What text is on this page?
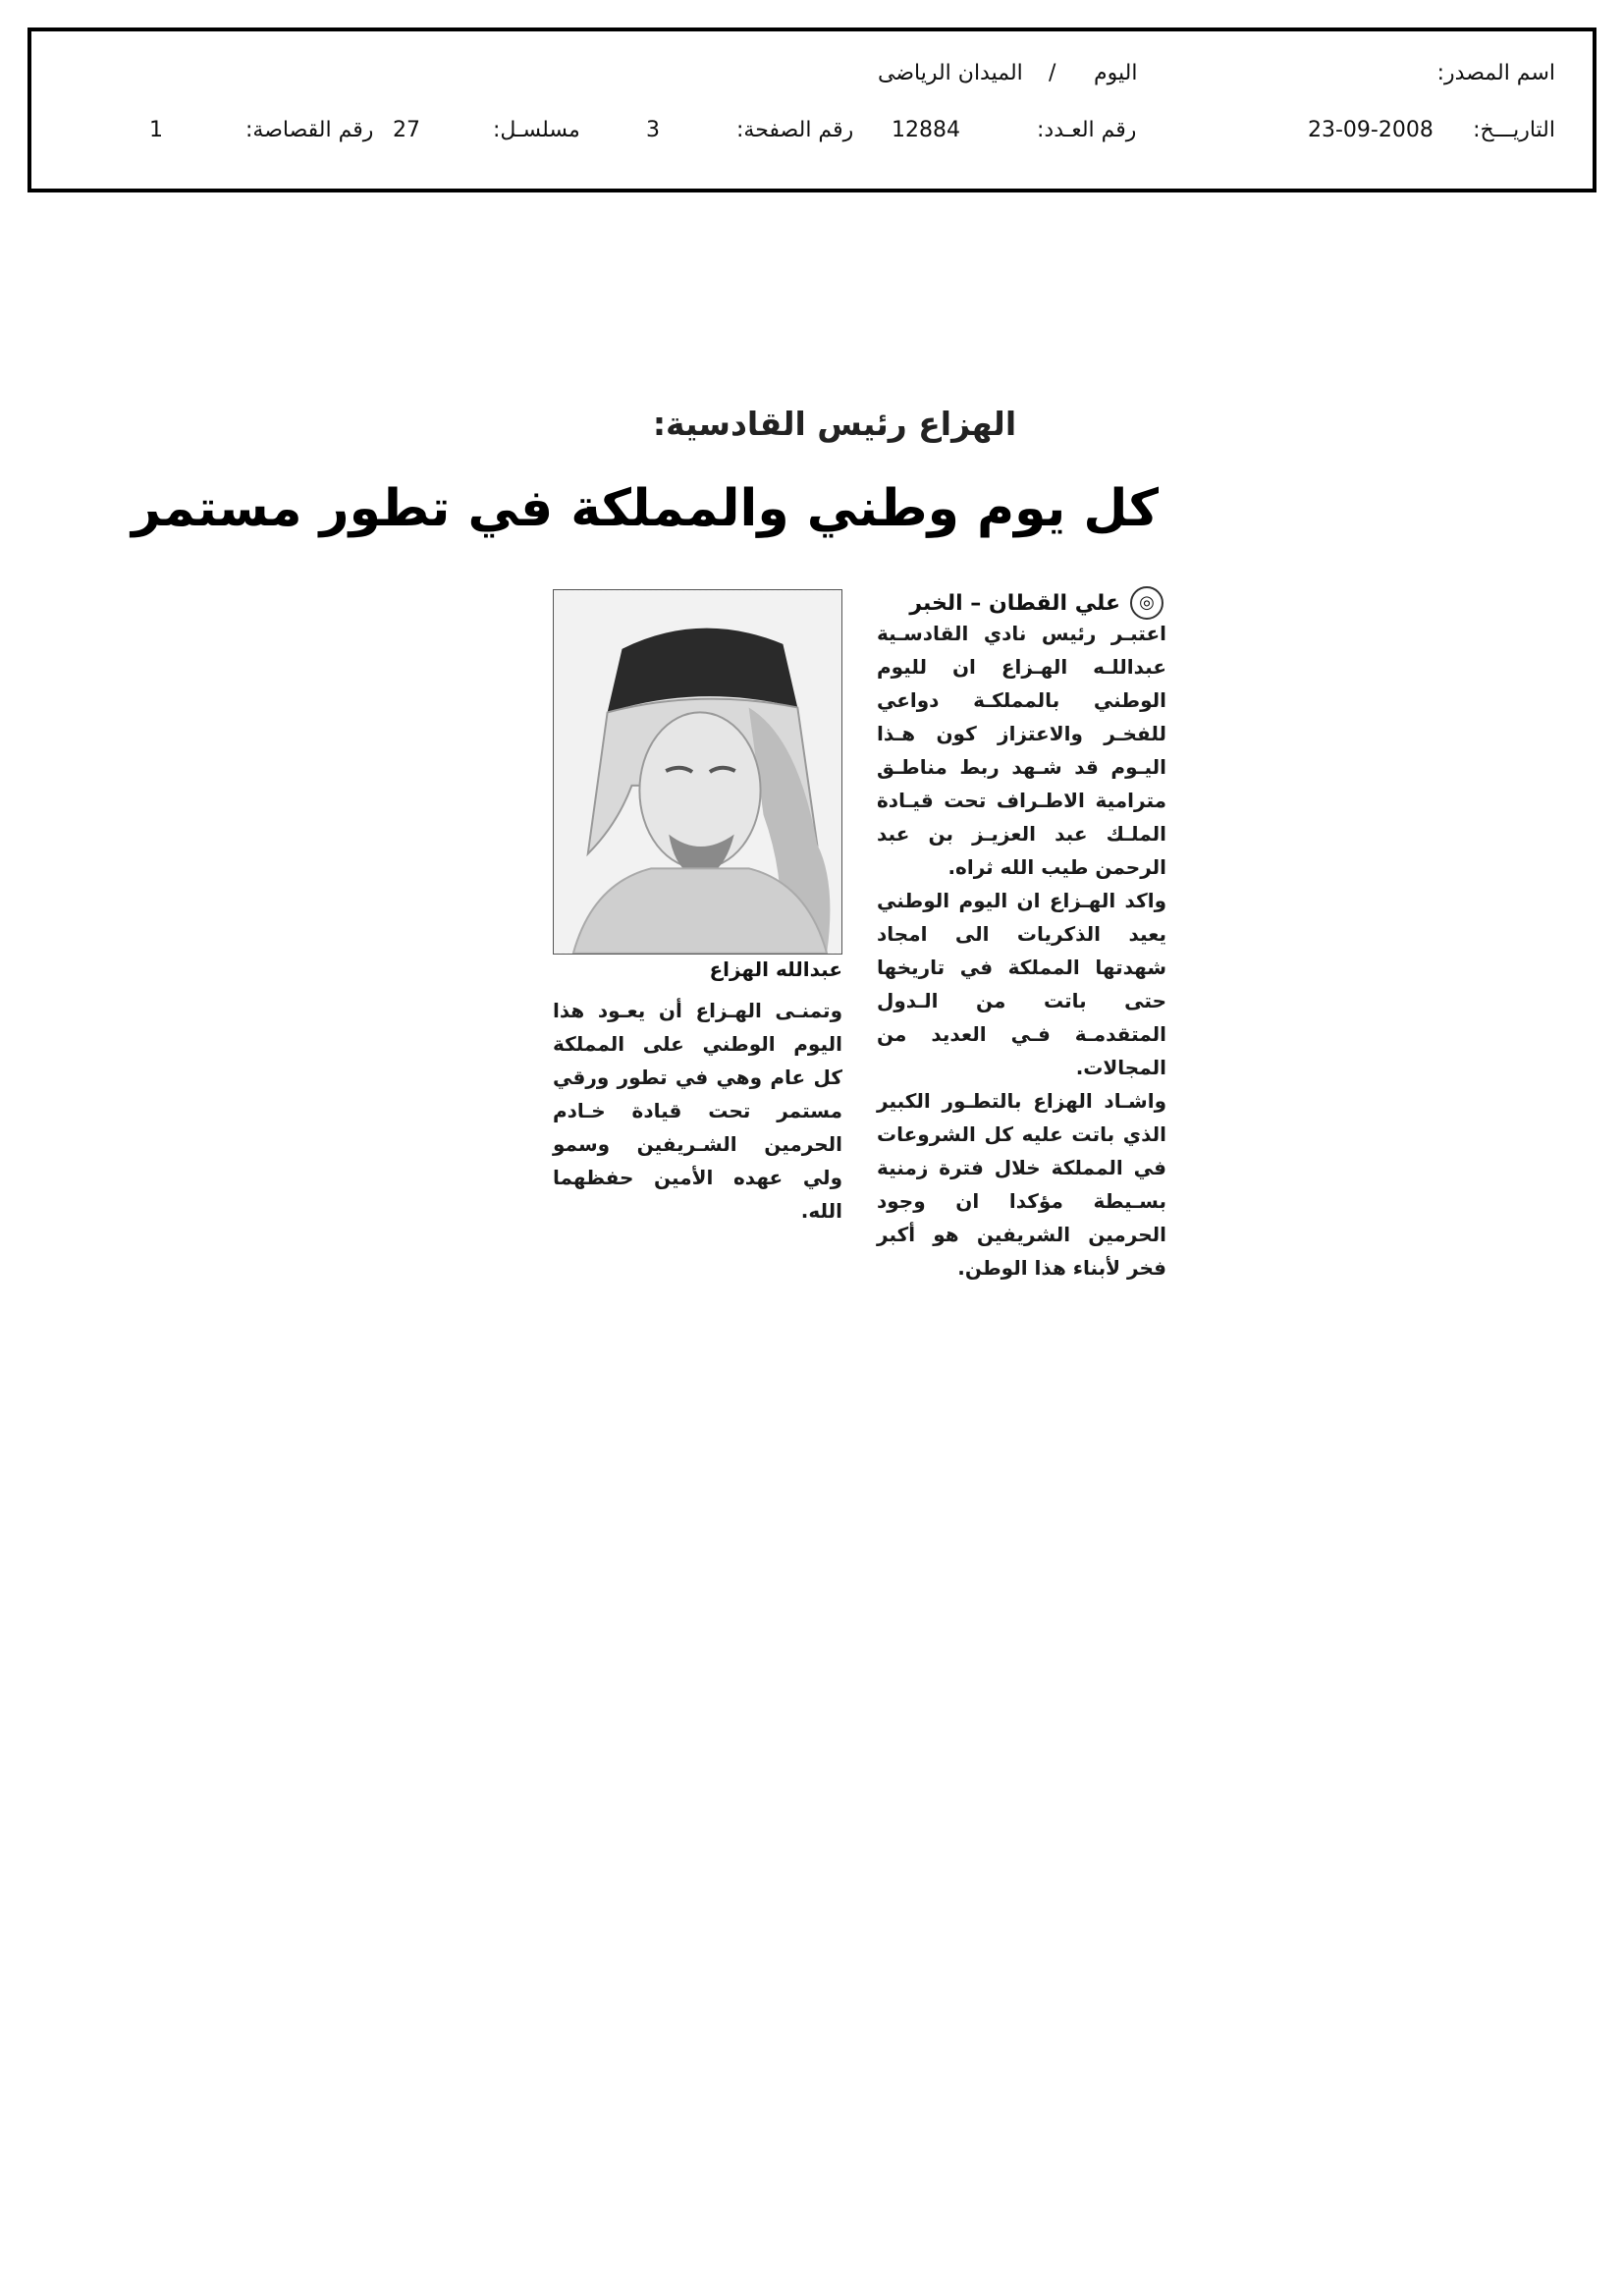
اسم المصدر:
اليوم
/
الميدان الرياضى
التاريـــخ:
23-09-2008
رقم العـدد:
12884
رقم الصفحة:
3
مسلسـل:
27
رقم القصاصة:
1
الهزاع رئيس القادسية:
كل يوم وطني والمملكة في تطور مستمر
◎
علي القطان – الخبر

اعتبـر رئيس نادي القادسـية عبداللـه الهـزاع ان لليوم الوطني بالمملكـة دواعي للفخـر والاعتزاز كون هـذا اليـوم قد شـهد ربط مناطـق مترامية الاطـراف تحت قيـادة الملـك عبد العزيـز بن عبد الرحمن طيب الله ثراه.

واكد الهـزاع ان اليوم الوطني يعيد الذكريات الى امجاد شهدتها المملكة في تاريخها حتى باتت من الـدول المتقدمـة فـي العديد من المجالات.

واشـاد الهزاع بالتطـور الكبير الذي باتت عليه كل الشروعات في المملكة خلال فترة زمنية بسـيطة مؤكدا ان وجود الحرمين الشريفين هو أكبر فخر لأبناء هذا الوطن.

عبدالله الهزاع

وتمنـى الهـزاع أن يعـود هذا اليوم الوطني على المملكة كل عام وهي في تطور ورقي مستمر تحت قيادة خـادم الحرمين الشـريفين وسمو ولي عهده الأمين حفظهما الله.
